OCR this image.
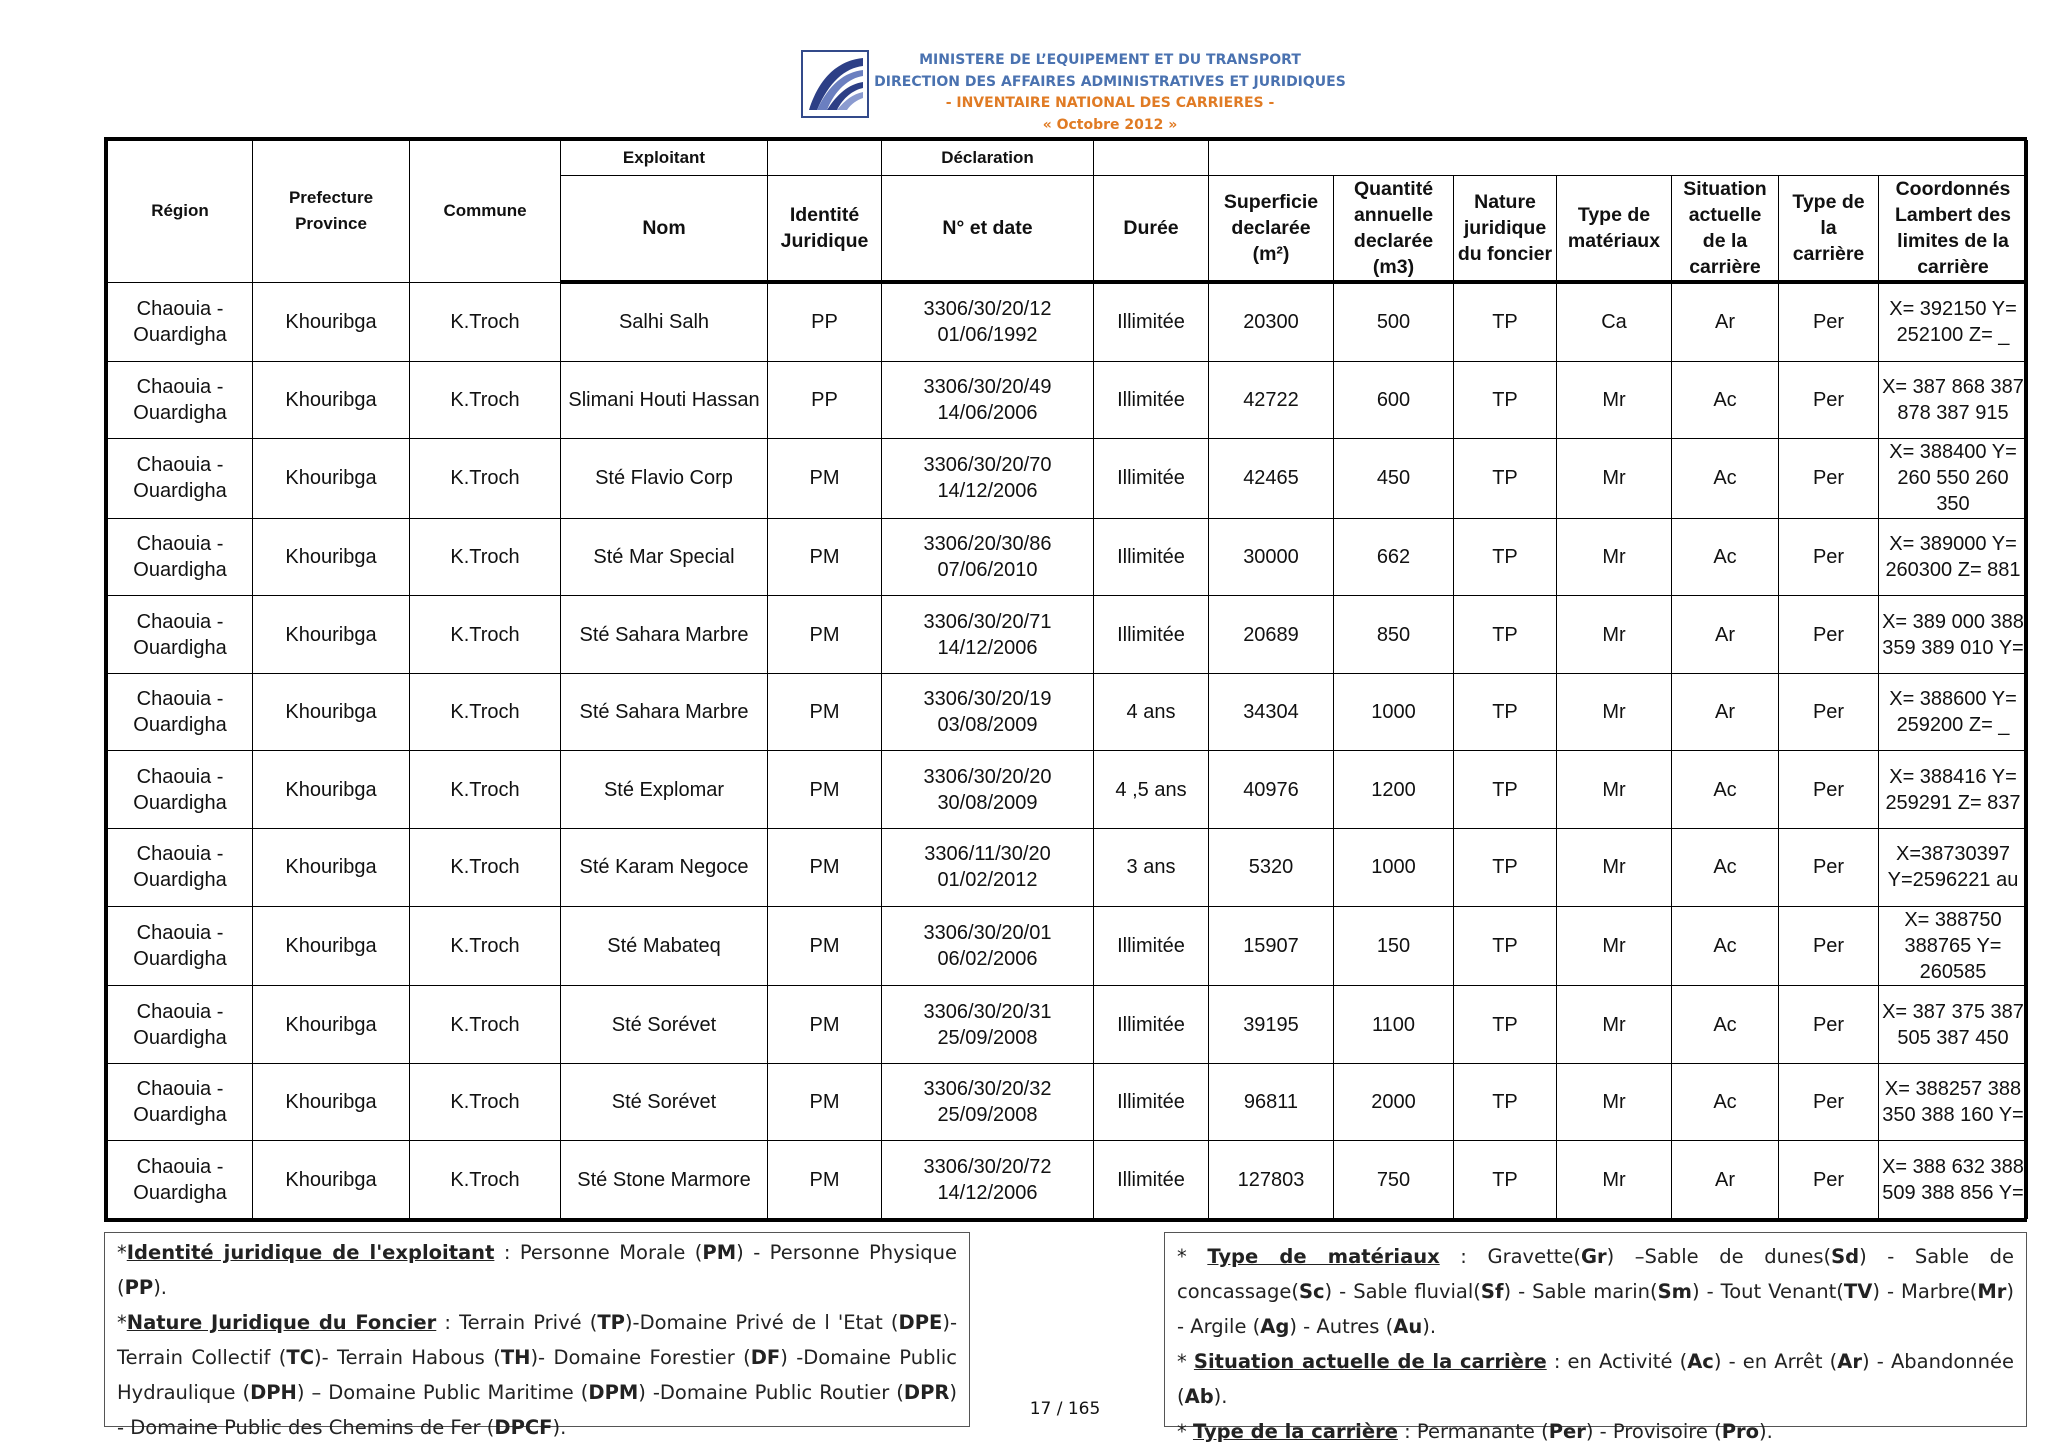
MINISTERE DE L’EQUIPEMENT ET DU TRANSPORT
DIRECTION DES AFFAIRES ADMINISTRATIVES ET JURIDIQUES
- INVENTAIRE NATIONAL DES CARRIERES -
« Octobre 2012 »
Région	Prefecture Province	Commune	Exploitant		Déclaration								
			Nom	Identité Juridique	N° et date	Durée	Superficie declarée (m²)	Quantité annuelle declarée (m3)	Nature juridique du foncier	Type de matériaux	Situation actuelle de la carrière	Type de la carrière	Coordonnés Lambert des limites de la carrière
Chaouia - Ouardigha	Khouribga	K.Troch	Salhi Salh	PP	3306/30/20/12 01/06/1992	Illimitée	20300	500	TP	Ca	Ar	Per	X= 392150 Y= 252100 Z= _
Chaouia - Ouardigha	Khouribga	K.Troch	Slimani Houti Hassan	PP	3306/30/20/49 14/06/2006	Illimitée	42722	600	TP	Mr	Ac	Per	X= 387 868 387 878 387 915
Chaouia - Ouardigha	Khouribga	K.Troch	Sté Flavio Corp	PM	3306/30/20/70 14/12/2006	Illimitée	42465	450	TP	Mr	Ac	Per	X= 388400 Y= 260 550 260 350
Chaouia - Ouardigha	Khouribga	K.Troch	Sté Mar Special	PM	3306/20/30/86 07/06/2010	Illimitée	30000	662	TP	Mr	Ac	Per	X= 389000 Y= 260300 Z= 881
Chaouia - Ouardigha	Khouribga	K.Troch	Sté Sahara Marbre	PM	3306/30/20/71 14/12/2006	Illimitée	20689	850	TP	Mr	Ar	Per	X= 389 000 388 359 389 010 Y=
Chaouia - Ouardigha	Khouribga	K.Troch	Sté Sahara Marbre	PM	3306/30/20/19 03/08/2009	4 ans	34304	1000	TP	Mr	Ar	Per	X= 388600 Y= 259200 Z= _
Chaouia - Ouardigha	Khouribga	K.Troch	Sté Explomar	PM	3306/30/20/20 30/08/2009	4 ,5 ans	40976	1200	TP	Mr	Ac	Per	X= 388416 Y= 259291 Z= 837
Chaouia - Ouardigha	Khouribga	K.Troch	Sté Karam Negoce	PM	3306/11/30/20 01/02/2012	3 ans	5320	1000	TP	Mr	Ac	Per	X=38730397 Y=2596221 au
Chaouia - Ouardigha	Khouribga	K.Troch	Sté Mabateq	PM	3306/30/20/01 06/02/2006	Illimitée	15907	150	TP	Mr	Ac	Per	X= 388750 388765 Y= 260585
Chaouia - Ouardigha	Khouribga	K.Troch	Sté Sorévet	PM	3306/30/20/31 25/09/2008	Illimitée	39195	1100	TP	Mr	Ac	Per	X= 387 375 387 505 387 450
Chaouia - Ouardigha	Khouribga	K.Troch	Sté Sorévet	PM	3306/30/20/32 25/09/2008	Illimitée	96811	2000	TP	Mr	Ac	Per	X= 388257 388 350 388 160 Y=
Chaouia - Ouardigha	Khouribga	K.Troch	Sté Stone Marmore	PM	3306/30/20/72 14/12/2006	Illimitée	127803	750	TP	Mr	Ar	Per	X= 388 632 388 509 388 856 Y=

*Identité juridique de l'exploitant : Personne Morale (PM) - Personne Physique (PP).

*Nature Juridique du Foncier : Terrain Privé (TP)-Domaine Privé de l 'Etat (DPE)- Terrain Collectif (TC)- Terrain Habous (TH)- Domaine Forestier (DF) -Domaine Public Hydraulique (DPH) – Domaine Public Maritime (DPM) -Domaine Public Routier (DPR) - Domaine Public des Chemins de Fer (DPCF).

* Type de matériaux : Gravette(Gr) –Sable de dunes(Sd) - Sable de concassage(Sc) - Sable fluvial(Sf) - Sable marin(Sm) - Tout Venant(TV) - Marbre(Mr) - Argile (Ag) - Autres (Au).

* Situation actuelle de la carrière : en Activité (Ac) - en Arrêt (Ar) - Abandonnée (Ab).

* Type de la carrière : Permanante (Per) - Provisoire (Pro).

17 / 165
